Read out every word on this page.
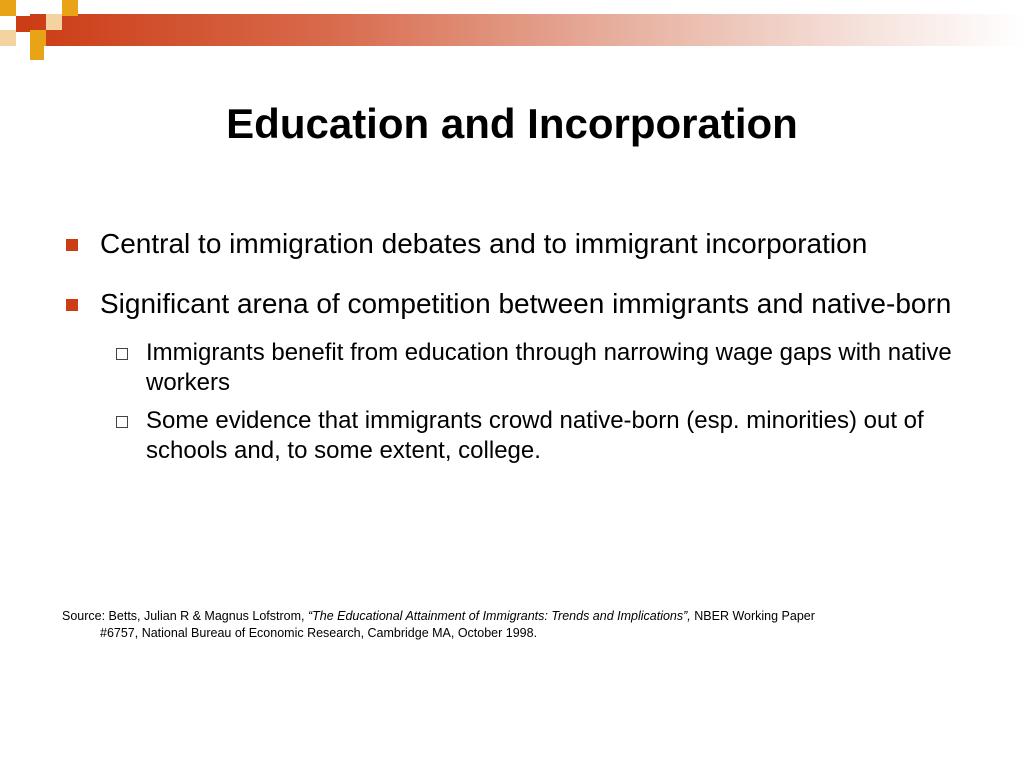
Education and Incorporation
Central to immigration debates and to immigrant incorporation
Significant arena of competition between immigrants and native-born
Immigrants benefit from education through narrowing wage gaps with native workers
Some evidence that immigrants crowd native-born (esp. minorities) out of schools and, to some extent, college.

Source: Betts, Julian R & Magnus Lofstrom, “The Educational Attainment of Immigrants: Trends and Implications”, NBER Working Paper
#6757, National Bureau of Economic Research, Cambridge MA, October 1998.
